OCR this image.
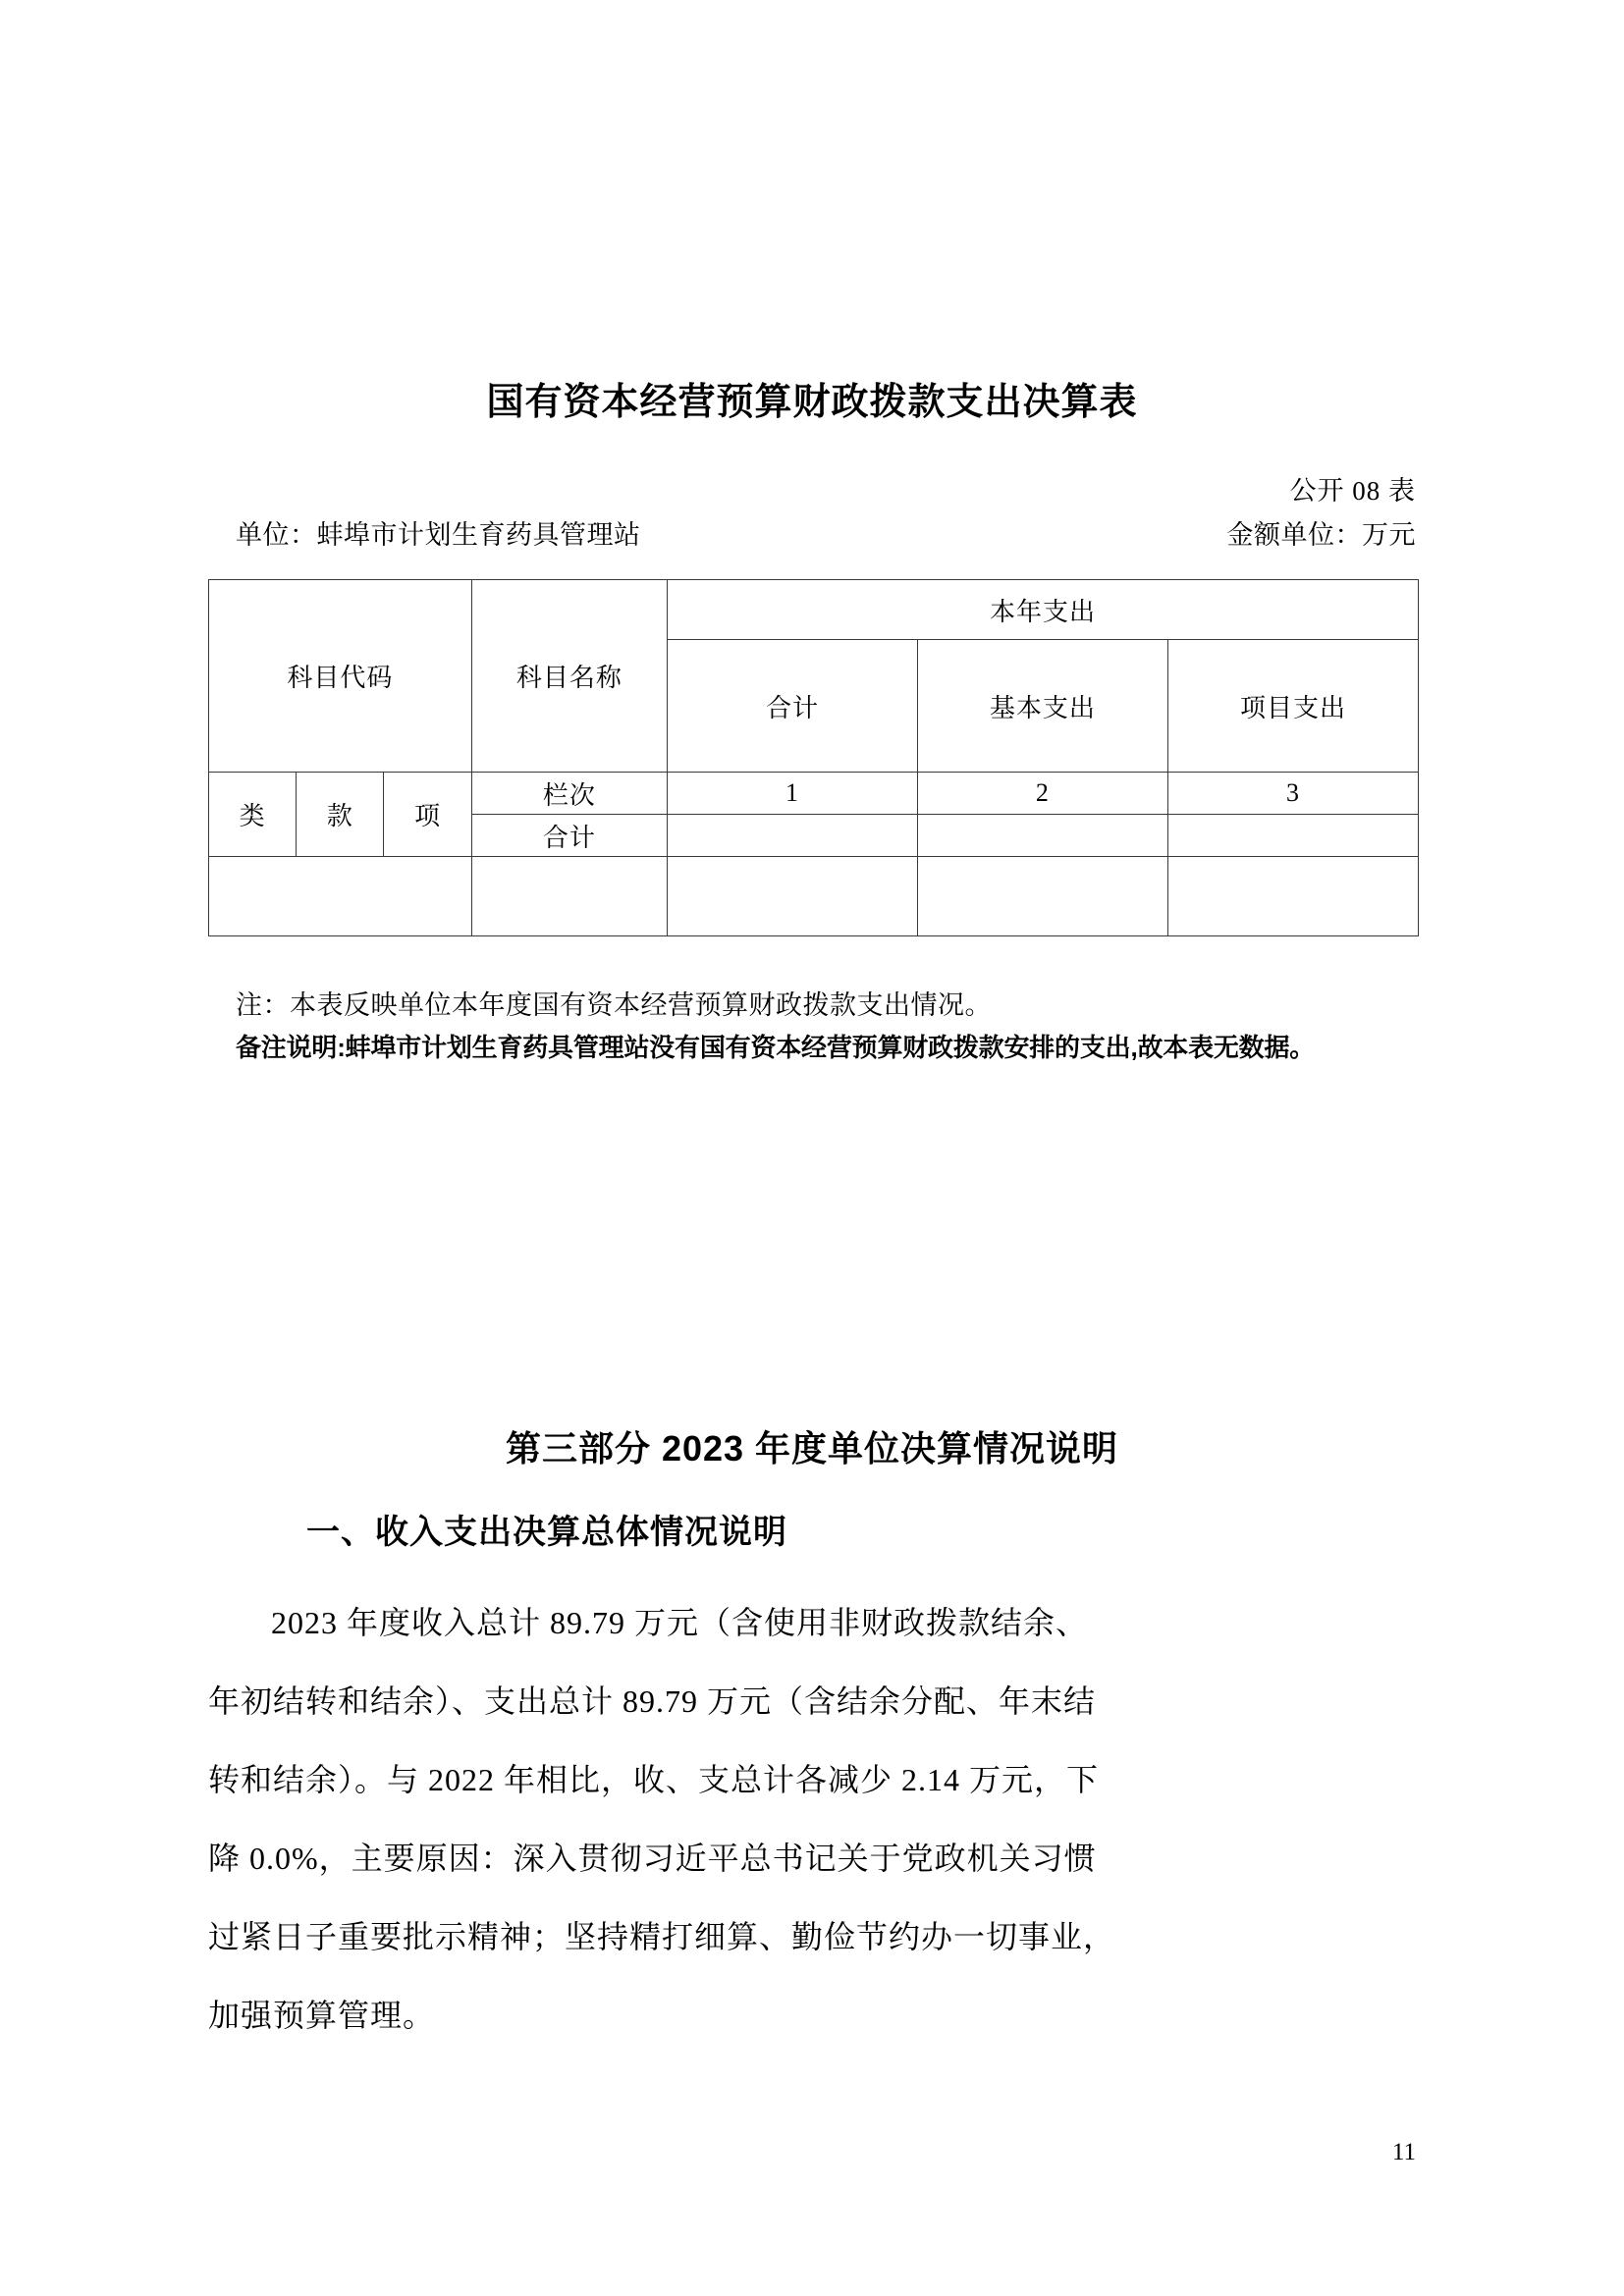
国有资本经营预算财政拨款支出决算表
公开 08 表
单位：蚌埠市计划生育药具管理站	金额单位：万元
科目代码			科目名称	本年支出		
				合计	基本支出	项目支出
类	款	项	栏次	1	2	3
			合计			

注：本表反映单位本年度国有资本经营预算财政拨款支出情况。
备注说明:蚌埠市计划生育药具管理站没有国有资本经营预算财政拨款安排的支出,故本表无数据。
第三部分 2023 年度单位决算情况说明
一、收入支出决算总体情况说明
2023 年度收入总计 89.79 万元（含使用非财政拨款结余、
年初结转和结余）、支出总计 89.79 万元（含结余分配、年末结
转和结余）。与 2022 年相比，收、支总计各减少 2.14 万元，下
降 0.0%，主要原因：深入贯彻习近平总书记关于党政机关习惯
过紧日子重要批示精神；坚持精打细算、勤俭节约办一切事业，
加强预算管理。
11
